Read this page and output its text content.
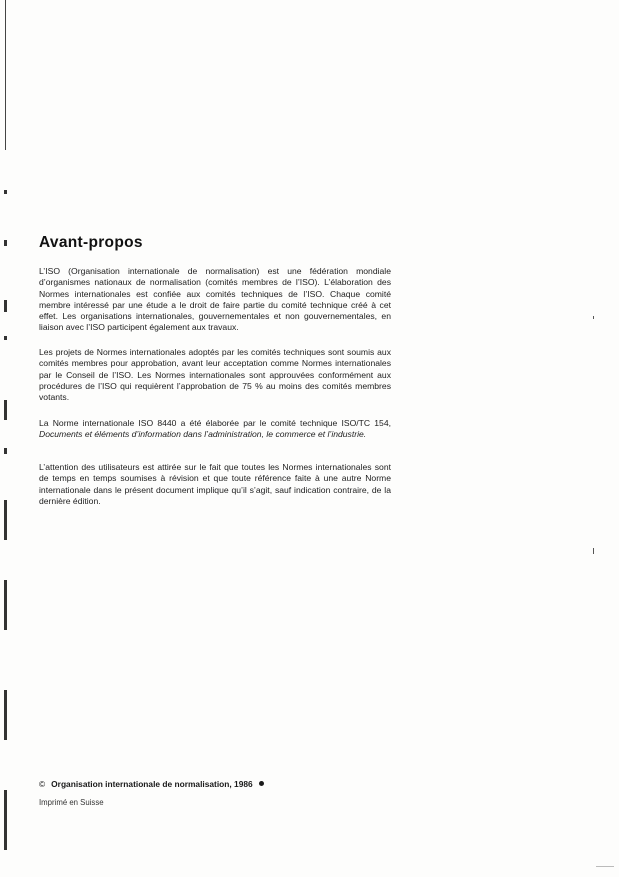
Avant-propos

L’ISO (Organisation internationale de normalisation) est une fédération mondiale d’organismes nationaux de normalisation (comités membres de l’ISO). L’élaboration des Normes internationales est confiée aux comités techniques de l’ISO. Chaque comité membre intéressé par une étude a le droit de faire partie du comité technique créé à cet effet. Les organisations internationales, gouvernementales et non gouvernementales, en liaison avec l’ISO participent également aux travaux.

Les projets de Normes internationales adoptés par les comités techniques sont soumis aux comités membres pour approbation, avant leur acceptation comme Normes internationales par le Conseil de l’ISO. Les Normes internationales sont approuvées conformément aux procédures de l’ISO qui requièrent l’approbation de 75 % au moins des comités membres votants.

La Norme internationale ISO 8440 a été élaborée par le comité technique ISO/TC 154, Documents et éléments d’information dans l’administration, le commerce et l’industrie.

L’attention des utilisateurs est attirée sur le fait que toutes les Normes internationales sont de temps en temps soumises à révision et que toute référence faite à une autre Norme internationale dans le présent document implique qu’il s’agit, sauf indication contraire, de la dernière édition.

© Organisation internationale de normalisation, 1986
Imprimé en Suisse
